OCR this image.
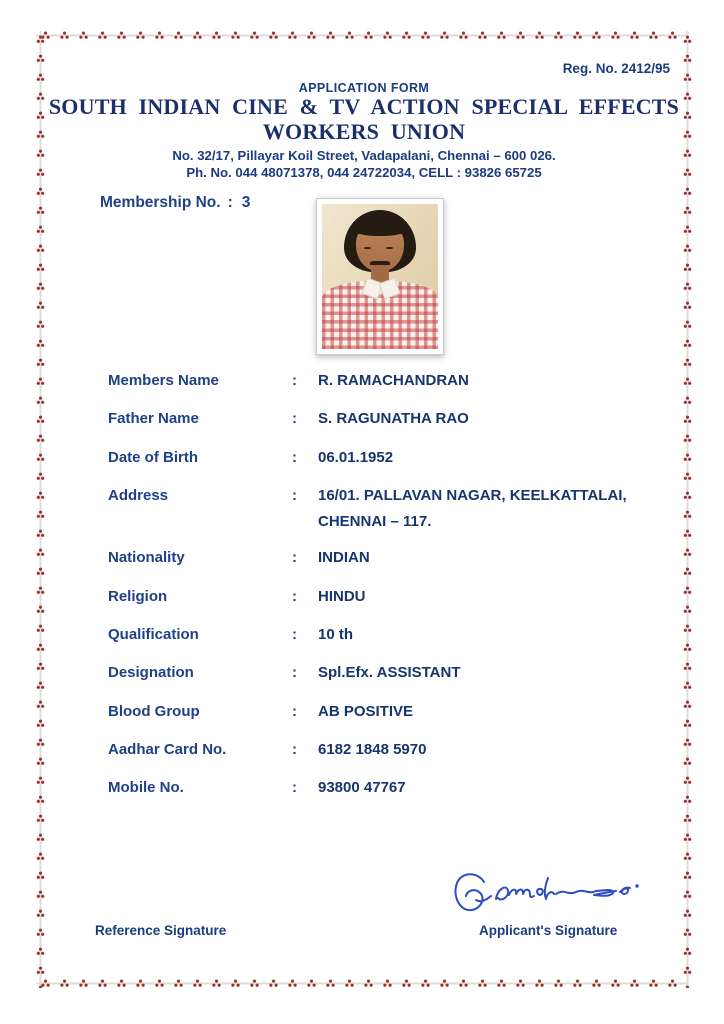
Reg. No. 2412/95
APPLICATION FORM
SOUTH INDIAN CINE & TV ACTION SPECIAL EFFECTS
WORKERS UNION
No. 32/17, Pillayar Koil Street, Vadapalani, Chennai – 600 026.
Ph. No. 044 48071378, 044 24722034, CELL : 93826 65725
Membership No. : 3
Members Name	:	R. RAMACHANDRAN
Father Name	:	S. RAGUNATHA RAO
Date of Birth	:	06.01.1952
Address	:	16/01. PALLAVAN NAGAR, KEELKATTALAI,
CHENNAI – 117.
Nationality	:	INDIAN
Religion	:	HINDU
Qualification	:	10 th
Designation	:	Spl.Efx. ASSISTANT
Blood Group	:	AB POSITIVE
Aadhar Card No.	:	6182 1848 5970
Mobile No.	:	93800 47767
Reference Signature	Applicant's Signature
